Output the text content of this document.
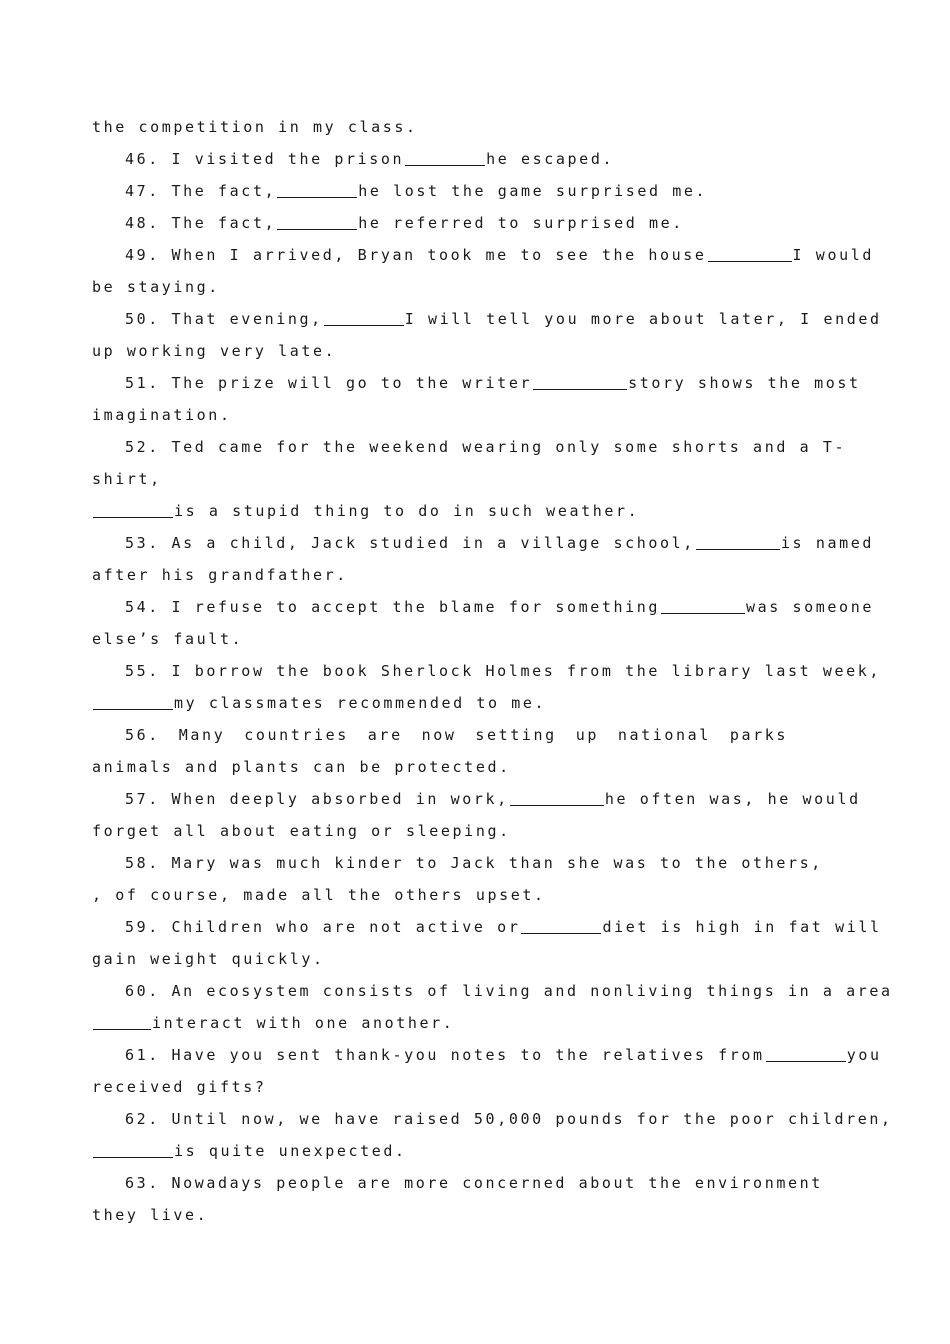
the competition in my class.
46. I visited the prison	he escaped.
47. The fact,	he lost the game surprised me.
48. The fact,	he referred to surprised me.
49. When I arrived, Bryan took me to see the house	I would
be staying.
50. That evening,	I will tell you more about later, I ended
up working very late.
51. The prize will go to the writer	story shows the most
imagination.
52. Ted came for the weekend wearing only some shorts and a T-
shirt,
is a stupid thing to do in such weather.
53. As a child, Jack studied in a village school,	is named
after his grandfather.
54. I refuse to accept the blame for something	was someone
else’s fault.
55. I borrow the book Sherlock Holmes from the library last week,
my classmates recommended to me.
56. Many countries are now setting up national parks
animals and plants can be protected.
57. When deeply absorbed in work,	he often was, he would
forget all about eating or sleeping.
58. Mary was much kinder to Jack than she was to the others,
, of course, made all the others upset.
59. Children who are not active or	diet is high in fat will
gain weight quickly.
60. An ecosystem consists of living and nonliving things in a area
interact with one another.
61. Have you sent thank-you notes to the relatives from	you
received gifts?
62. Until now, we have raised 50,000 pounds for the poor children,
is quite unexpected.
63. Nowadays people are more concerned about the environment
they live.
